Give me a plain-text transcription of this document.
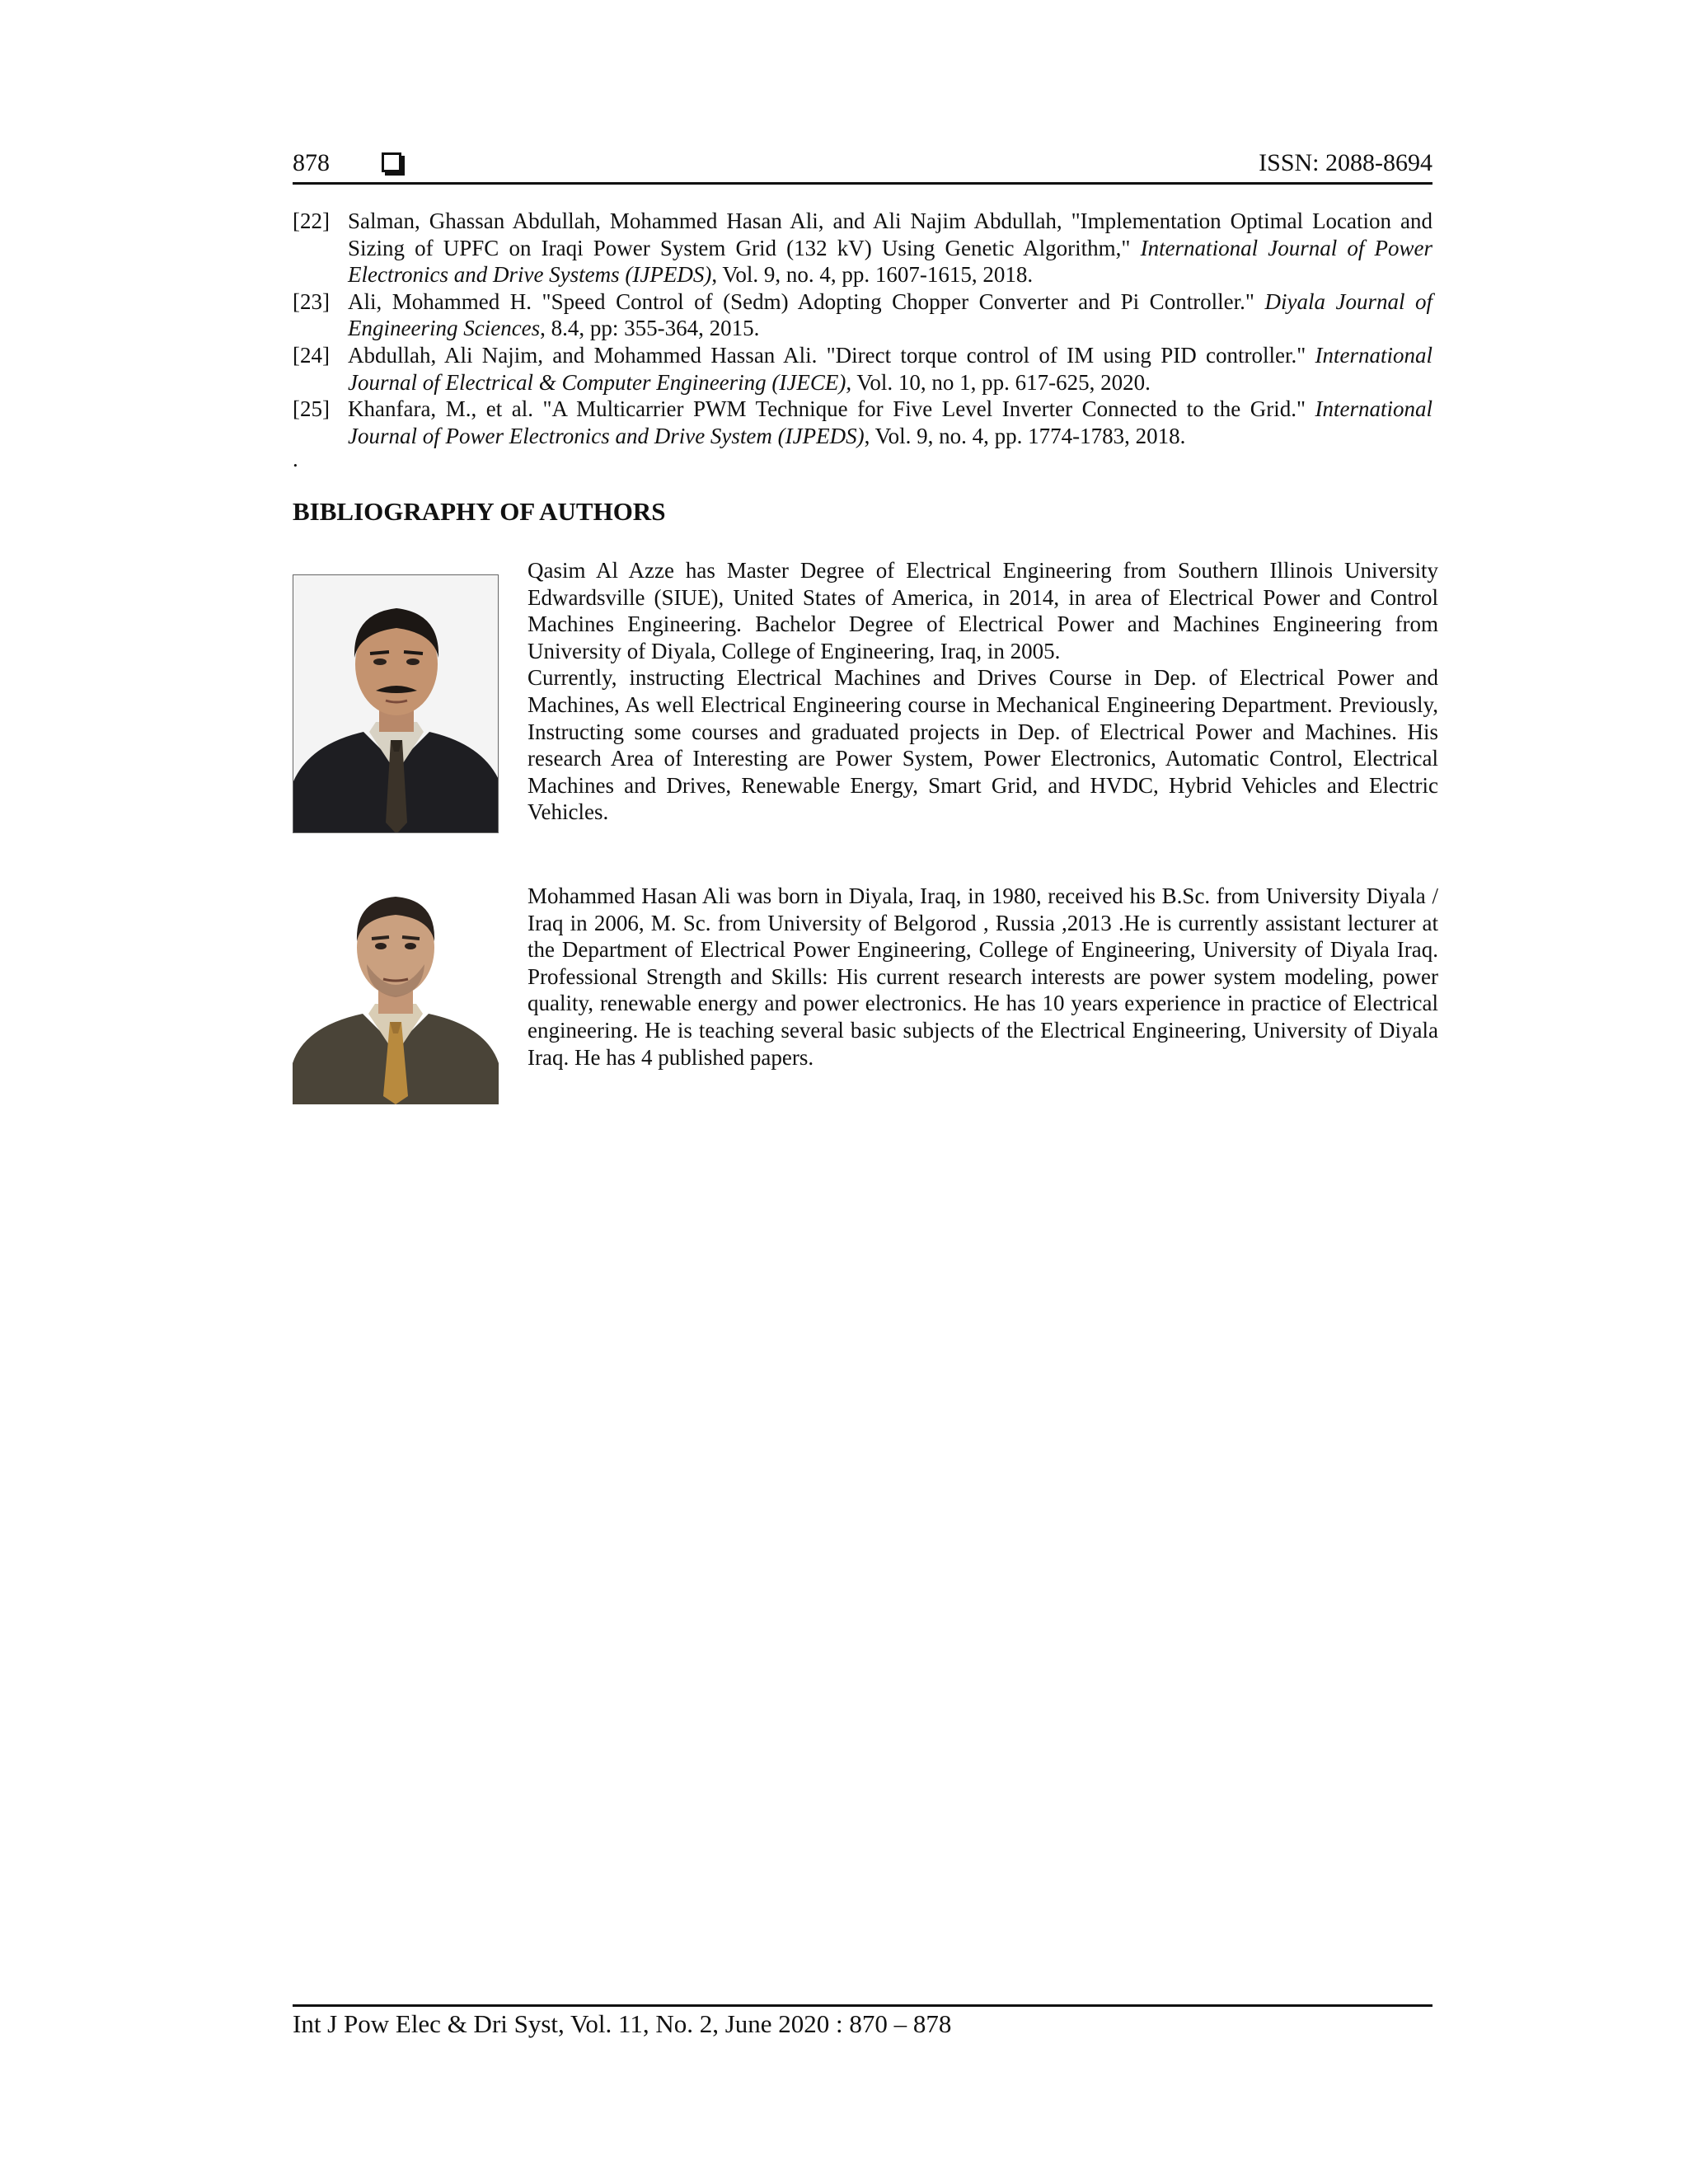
878	ISSN: 2088-8694
[22] Salman, Ghassan Abdullah, Mohammed Hasan Ali, and Ali Najim Abdullah, "Implementation Optimal Location and Sizing of UPFC on Iraqi Power System Grid (132 kV) Using Genetic Algorithm," International Journal of Power Electronics and Drive Systems (IJPEDS), Vol. 9, no. 4, pp. 1607-1615, 2018.
[23] Ali, Mohammed H. "Speed Control of (Sedm) Adopting Chopper Converter and Pi Controller." Diyala Journal of Engineering Sciences, 8.4, pp: 355-364, 2015.
[24] Abdullah, Ali Najim, and Mohammed Hassan Ali. "Direct torque control of IM using PID controller." International Journal of Electrical & Computer Engineering (IJECE), Vol. 10, no 1, pp. 617-625, 2020.
[25] Khanfara, M., et al. "A Multicarrier PWM Technique for Five Level Inverter Connected to the Grid." International Journal of Power Electronics and Drive System (IJPEDS), Vol. 9, no. 4, pp. 1774-1783, 2018.
.
BIBLIOGRAPHY OF AUTHORS

Qasim Al Azze has Master Degree of Electrical Engineering from Southern Illinois University Edwardsville (SIUE), United States of America, in 2014, in area of Electrical Power and Control Machines Engineering. Bachelor Degree of Electrical Power and Machines Engineering from University of Diyala, College of Engineering, Iraq, in 2005.

Currently, instructing Electrical Machines and Drives Course in Dep. of Electrical Power and Machines, As well Electrical Engineering course in Mechanical Engineering Department. Previously, Instructing some courses and graduated projects in Dep. of Electrical Power and Machines. His research Area of Interesting are Power System, Power Electronics, Automatic Control, Electrical Machines and Drives, Renewable Energy, Smart Grid, and HVDC, Hybrid Vehicles and Electric Vehicles.

Mohammed Hasan Ali was born in Diyala, Iraq, in 1980, received his B.Sc. from University Diyala / Iraq in 2006, M. Sc. from University of Belgorod , Russia ,2013 .He is currently assistant lecturer at the Department of Electrical Power Engineering, College of Engineering, University of Diyala Iraq. Professional Strength and Skills: His current research interests are power system modeling, power quality, renewable energy and power electronics. He has 10 years experience in practice of Electrical engineering. He is teaching several basic subjects of the Electrical Engineering, University of Diyala Iraq. He has 4 published papers.

Int J Pow Elec & Dri Syst, Vol. 11, No. 2, June 2020 : 870 – 878
